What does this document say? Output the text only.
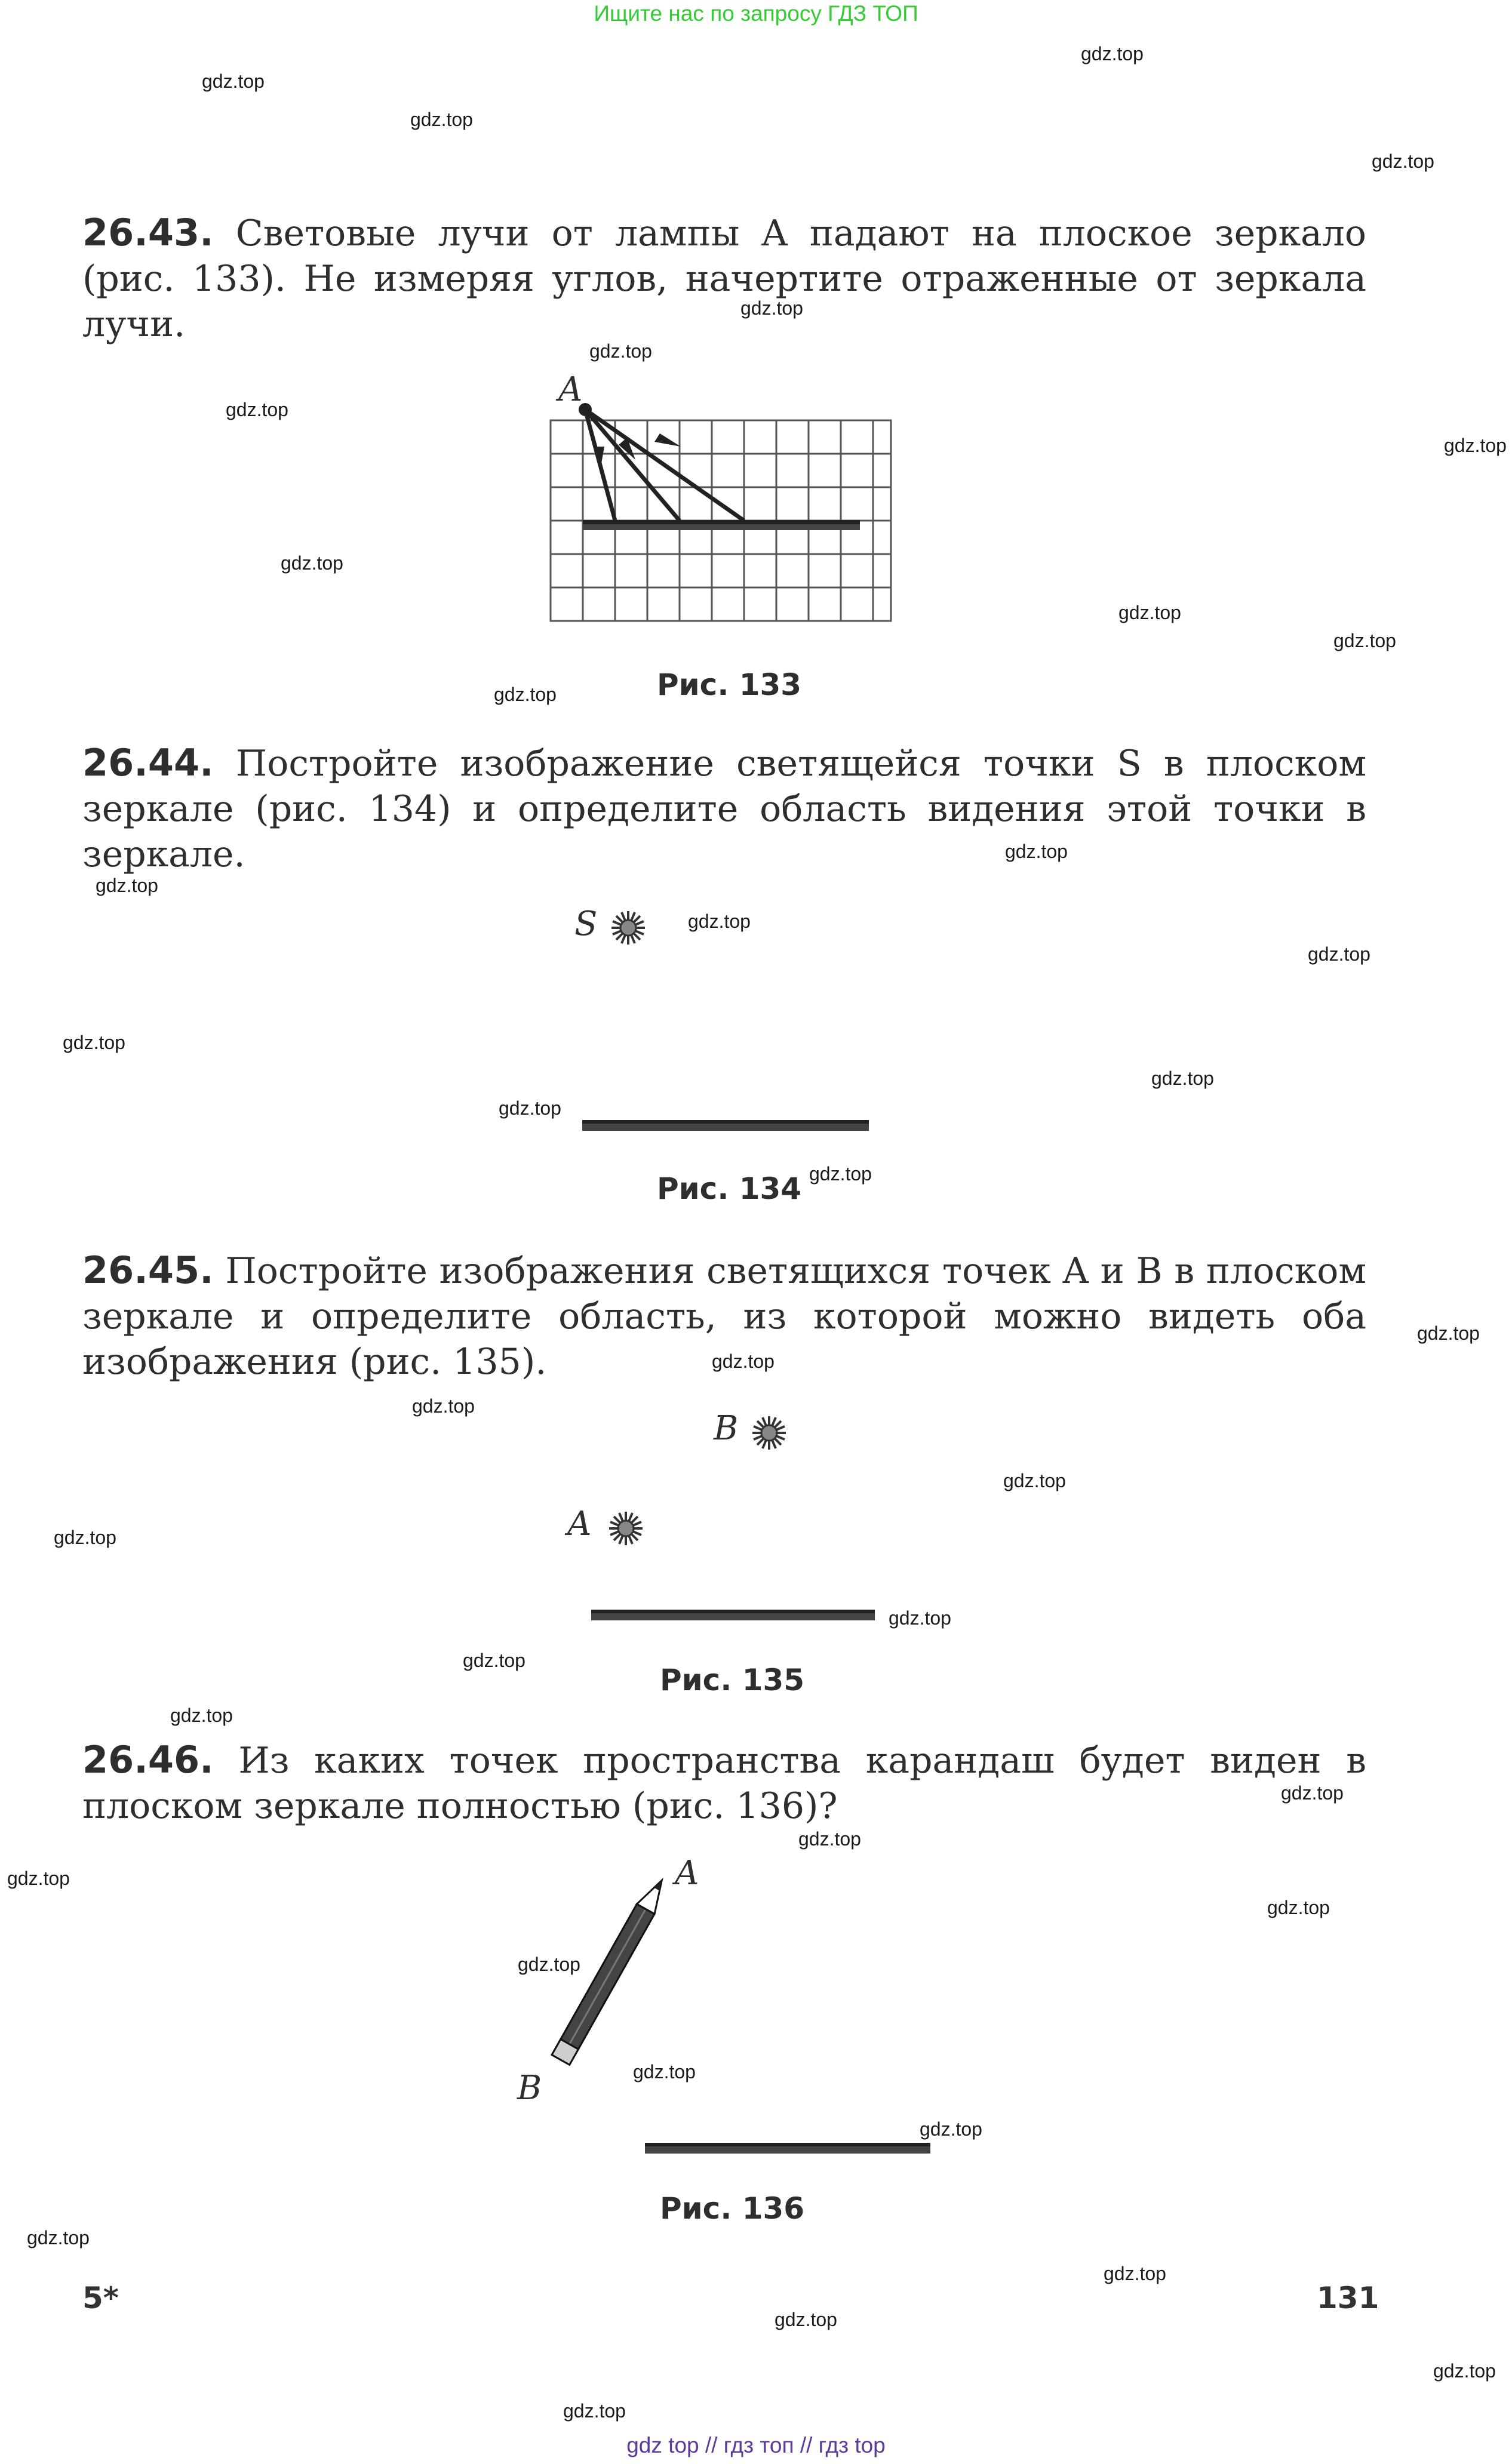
Ищите нас по запросу ГДЗ ТОП
26.43. Световые лучи от лампы A падают на плоское зеркало (рис. 133). Не измеряя углов, начертите отраженные от зеркала лучи.
A
Рис. 133
26.44. Постройте изображение светящейся точки S в плоском зеркале (рис. 134) и определите область видения этой точки в зеркале.
S
Рис. 134
26.45. Постройте изображения светящихся точек A и B в плоском зеркале и определите область, из которой можно видеть оба изображения (рис. 135).
B
A
Рис. 135
26.46. Из каких точек пространства карандаш будет виден в плоском зеркале полностью (рис. 136)?
A
B
Рис. 136
5*	131
gdz.top
gdz.top
gdz.top
gdz.top
gdz.top
gdz.top
gdz.top
gdz.top
gdz.top
gdz.top
gdz.top
gdz.top
gdz.top
gdz.top
gdz.top
gdz.top
gdz.top
gdz.top
gdz.top
gdz.top
gdz.top
gdz.top
gdz.top
gdz.top
gdz.top
gdz.top
gdz.top
gdz.top
gdz.top
gdz.top
gdz.top
gdz.top
gdz.top
gdz.top
gdz.top
gdz.top
gdz.top
gdz.top
gdz.top
gdz.top
gdz top // гдз топ // гдз top
